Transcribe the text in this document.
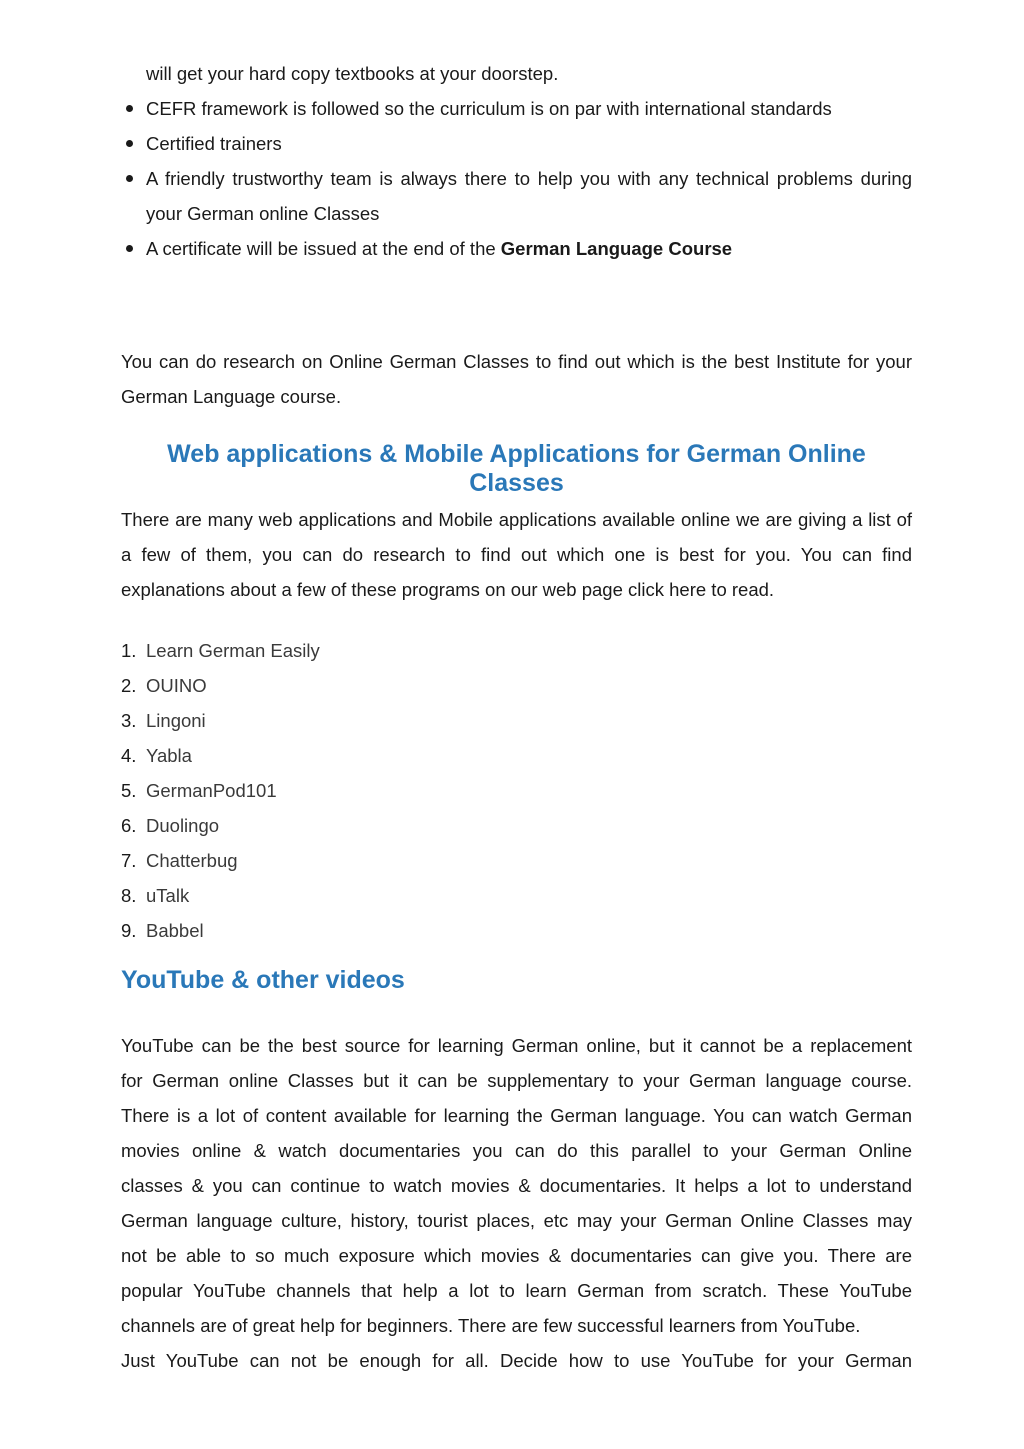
will get your hard copy textbooks at your doorstep.
CEFR framework is followed so the curriculum is on par with international standards
Certified trainers
A friendly trustworthy team is always there to help you with any technical problems during your German online Classes
A certificate will be issued at the end of the German Language Course

You can do research on Online German Classes to find out which is the best Institute for your German Language course.

Web applications & Mobile Applications for German Online Classes

There are many web applications and Mobile applications available online we are giving a list of a few of them, you can do research to find out which one is best for you. You can find explanations about a few of these programs on our web page click here to read.

1. Learn German Easily
2. OUINO
3. Lingoni
4. Yabla
5. GermanPod101
6. Duolingo
7. Chatterbug
8. uTalk
9. Babbel
YouTube & other videos

YouTube can be the best source for learning German online, but it cannot be a replacement
for German online Classes but it can be supplementary to your German language course.
There is a lot of content available for learning the German language. You can watch German
movies online & watch documentaries you can do this parallel to your German Online
classes & you can continue to watch movies & documentaries. It helps a lot to understand
German language culture, history, tourist places, etc may your German Online Classes may
not be able to so much exposure which movies & documentaries can give you. There are
popular YouTube channels that help a lot to learn German from scratch. These YouTube
channels are of great help for beginners. There are few successful learners from YouTube.
Just YouTube can not be enough for all. Decide how to use YouTube for your German
